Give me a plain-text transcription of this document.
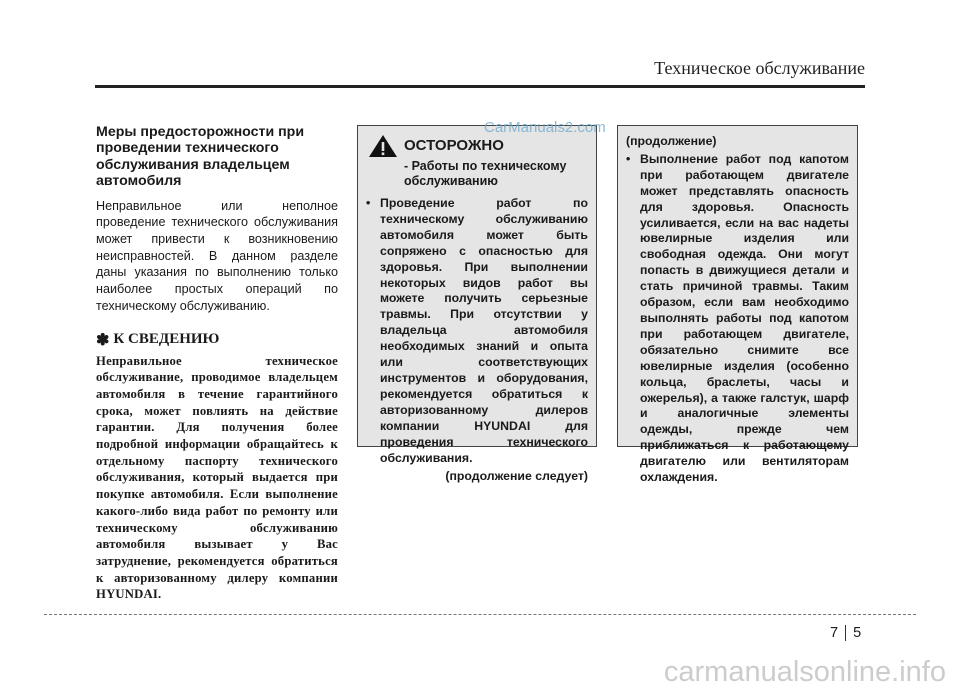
Техническое обслуживание
Меры предосторожности при проведении технического обслуживания владельцем автомобиля

Неправильное или неполное проведение технического обслуживания может привести к возникновению неисправностей. В данном разделе даны указания по выполнению только наиболее простых операций по техническому обслуживанию.

✽ К СВЕДЕНИЮ

Неправильное техническое обслуживание, проводимое владельцем автомобиля в течение гарантийного срока, может повлиять на действие гарантии. Для получения более подробной информации обращайтесь к отдельному паспорту технического обслуживания, который выдается при покупке автомобиля. Если выполнение какого-либо вида работ по ремонту или техническому обслуживанию автомобиля вызывает у Вас затруднение, рекомендуется обратиться к авторизованному дилеру компании HYUNDAI.

ОСТОРОЖНО
- Работы по техническому обслуживанию
• Проведение работ по техническому обслуживанию автомобиля может быть сопряжено с опасностью для здоровья. При выполнении некоторых видов работ вы можете получить серьезные травмы. При отсутствии у владельца автомобиля необходимых знаний и опыта или соответствующих инструментов и оборудования, рекомендуется обратиться к авторизованному дилеров компании HYUNDAI для проведения технического обслуживания.
(продолжение следует)
(продолжение)
• Выполнение работ под капотом при работающем двигателе может представлять опасность для здоровья. Опасность усиливается, если на вас надеты ювелирные изделия или свободная одежда. Они могут попасть в движущиеся детали и стать причиной травмы. Таким образом, если вам необходимо выполнять работы под капотом при работающем двигателе, обязательно снимите все ювелирные изделия (особенно кольца, браслеты, часы и ожерелья), а также галстук, шарф и аналогичные элементы одежды, прежде чем приближаться к работающему двигателю или вентиляторам охлаждения.
CarManuals2.com
7 5
carmanualsonline.info
